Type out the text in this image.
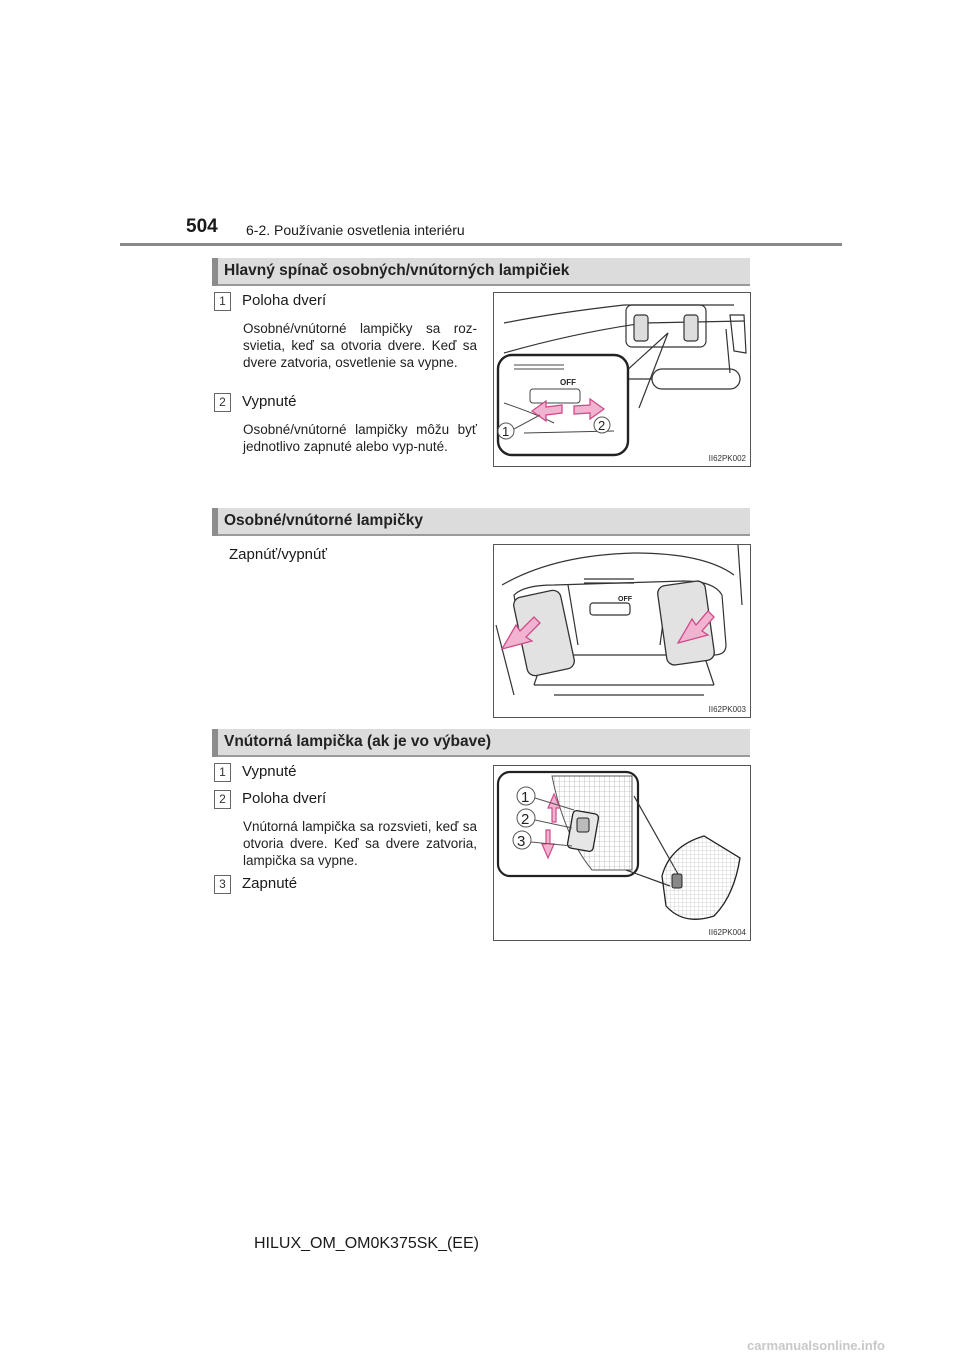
504 6-2. Používanie osvetlenia interiéru
Hlavný spínač osobných/vnútorných lampičiek
1	Poloha dverí
Osobné/vnútorné lampičky sa roz-svietia, keď sa otvoria dvere. Keď sa dvere zatvoria, osvetlenie sa vypne.
2	Vypnuté
Osobné/vnútorné lampičky môžu byť jednotlivo zapnuté alebo vyp-nuté.
OFF
1	2
II62PK002
Osobné/vnútorné lampičky
Zapnúť/vypnúť
OFF
II62PK003
Vnútorná lampička (ak je vo výbave)
1	Vypnuté
2	Poloha dverí
Vnútorná lampička sa rozsvieti, keď sa otvoria dvere. Keď sa dvere zatvoria, lampička sa vypne.
3	Zapnuté
1
2
3
II62PK004
HILUX_OM_OM0K375SK_(EE)
carmanualsonline.info
